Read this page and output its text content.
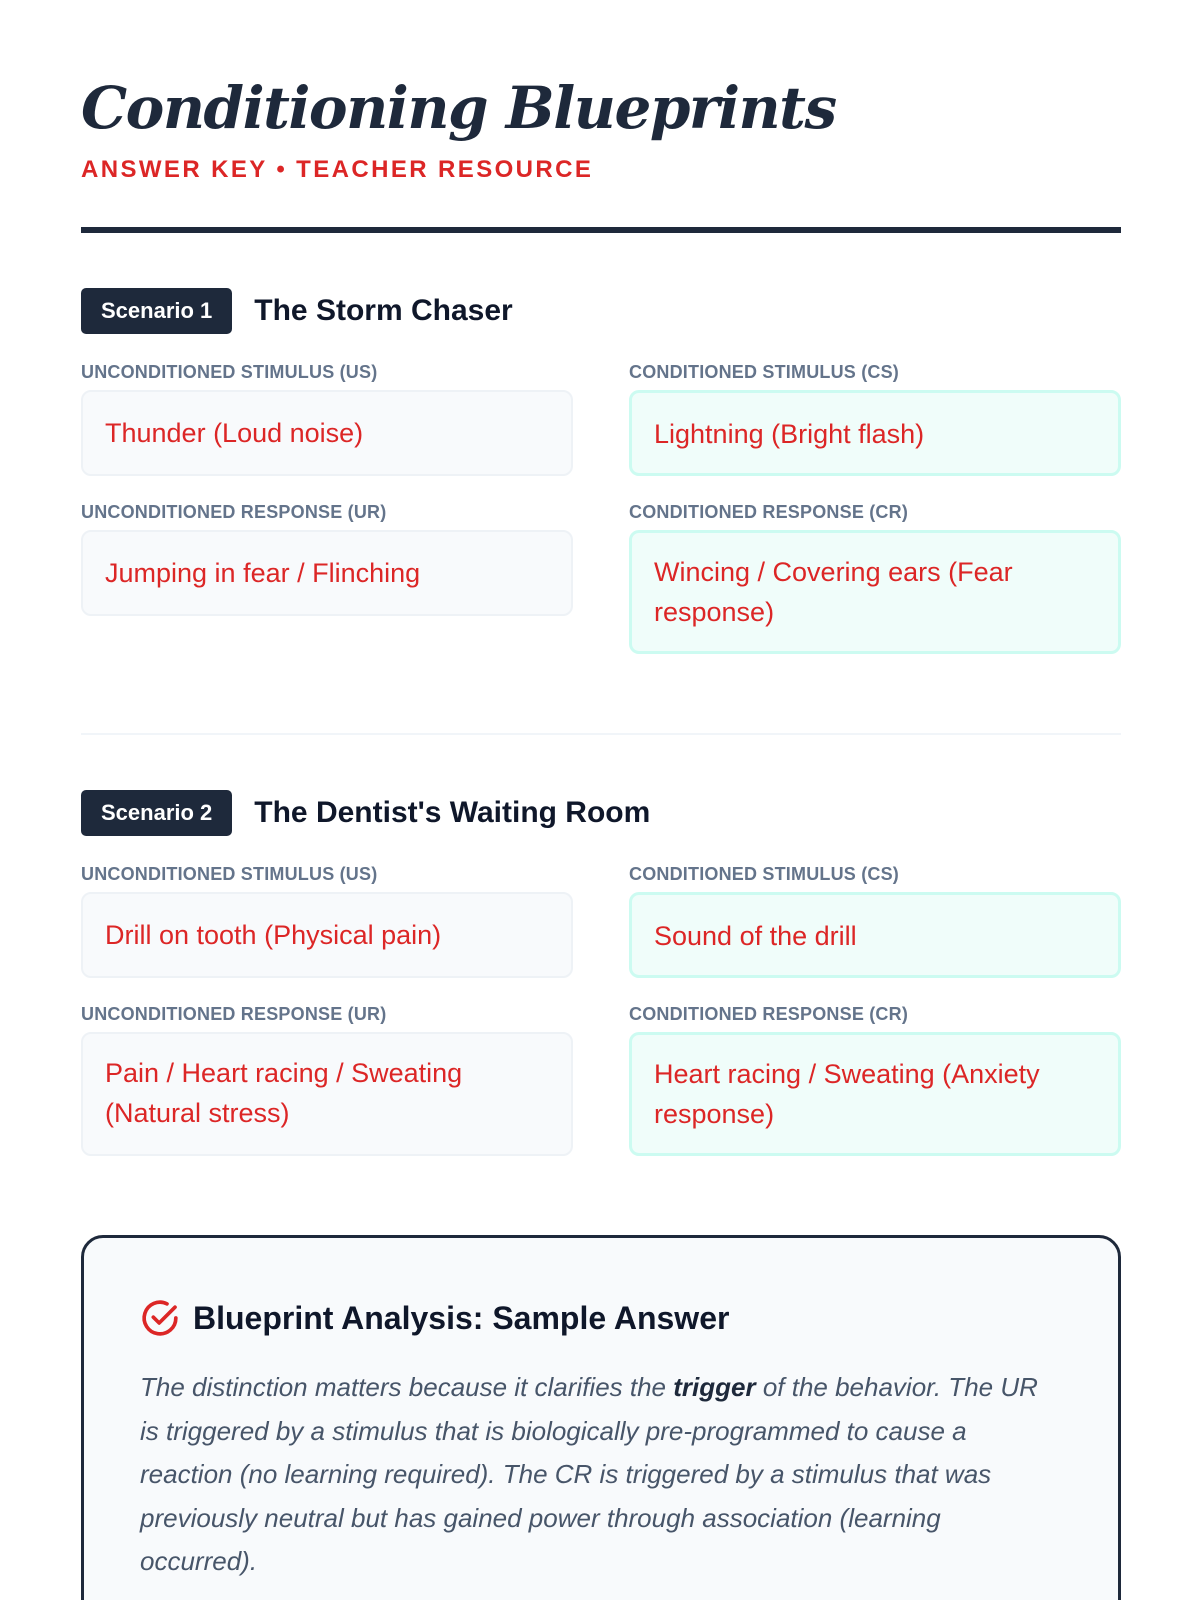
Conditioning Blueprints
ANSWER KEY • TEACHER RESOURCE
Scenario 1	The Storm Chaser
UNCONDITIONED STIMULUS (US)
Thunder (Loud noise)
CONDITIONED STIMULUS (CS)
Lightning (Bright flash)
UNCONDITIONED RESPONSE (UR)
Jumping in fear / Flinching
CONDITIONED RESPONSE (CR)
Wincing / Covering ears (Fear response)
Scenario 2	The Dentist's Waiting Room
UNCONDITIONED STIMULUS (US)
Drill on tooth (Physical pain)
CONDITIONED STIMULUS (CS)
Sound of the drill
UNCONDITIONED RESPONSE (UR)
Pain / Heart racing / Sweating (Natural stress)
CONDITIONED RESPONSE (CR)
Heart racing / Sweating (Anxiety response)
Blueprint Analysis: Sample Answer

The distinction matters because it clarifies the trigger of the behavior. The UR is triggered by a stimulus that is biologically pre-programmed to cause a reaction (no learning required). The CR is triggered by a stimulus that was previously neutral but has gained power through association (learning occurred).
